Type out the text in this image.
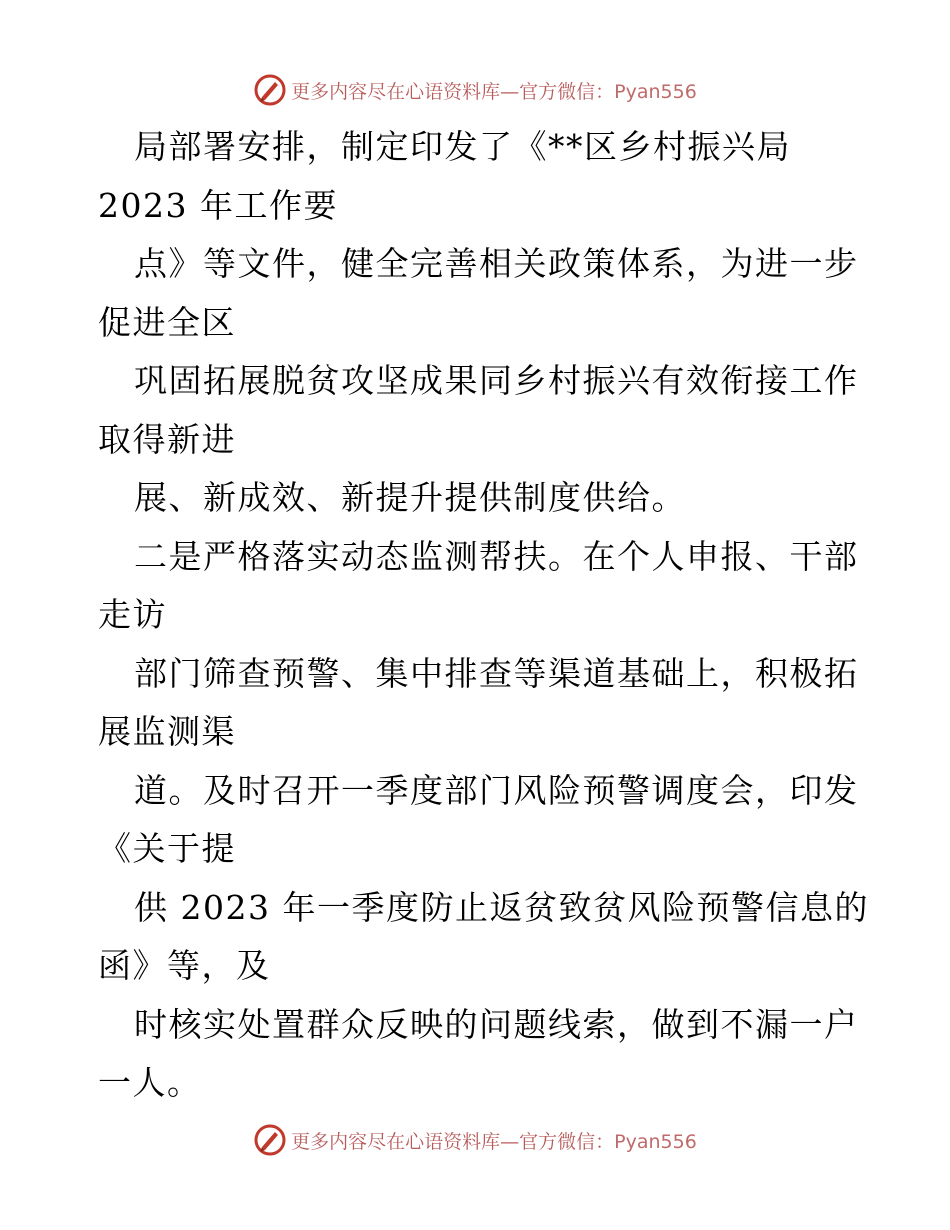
更多内容尽在心语资料库—官方微信：Pyan556
局部署安排，制定印发了《**区乡村振兴局
2023 年工作要
点》等文件，健全完善相关政策体系，为进一步
促进全区
巩固拓展脱贫攻坚成果同乡村振兴有效衔接工作
取得新进
展、新成效、新提升提供制度供给。
二是严格落实动态监测帮扶。在个人申报、干部
走访
部门筛查预警、集中排查等渠道基础上，积极拓
展监测渠
道。及时召开一季度部门风险预警调度会，印发
《关于提
供 2023 年一季度防止返贫致贫风险预警信息的
函》等，及
时核实处置群众反映的问题线索，做到不漏一户
一人。
更多内容尽在心语资料库—官方微信：Pyan556
